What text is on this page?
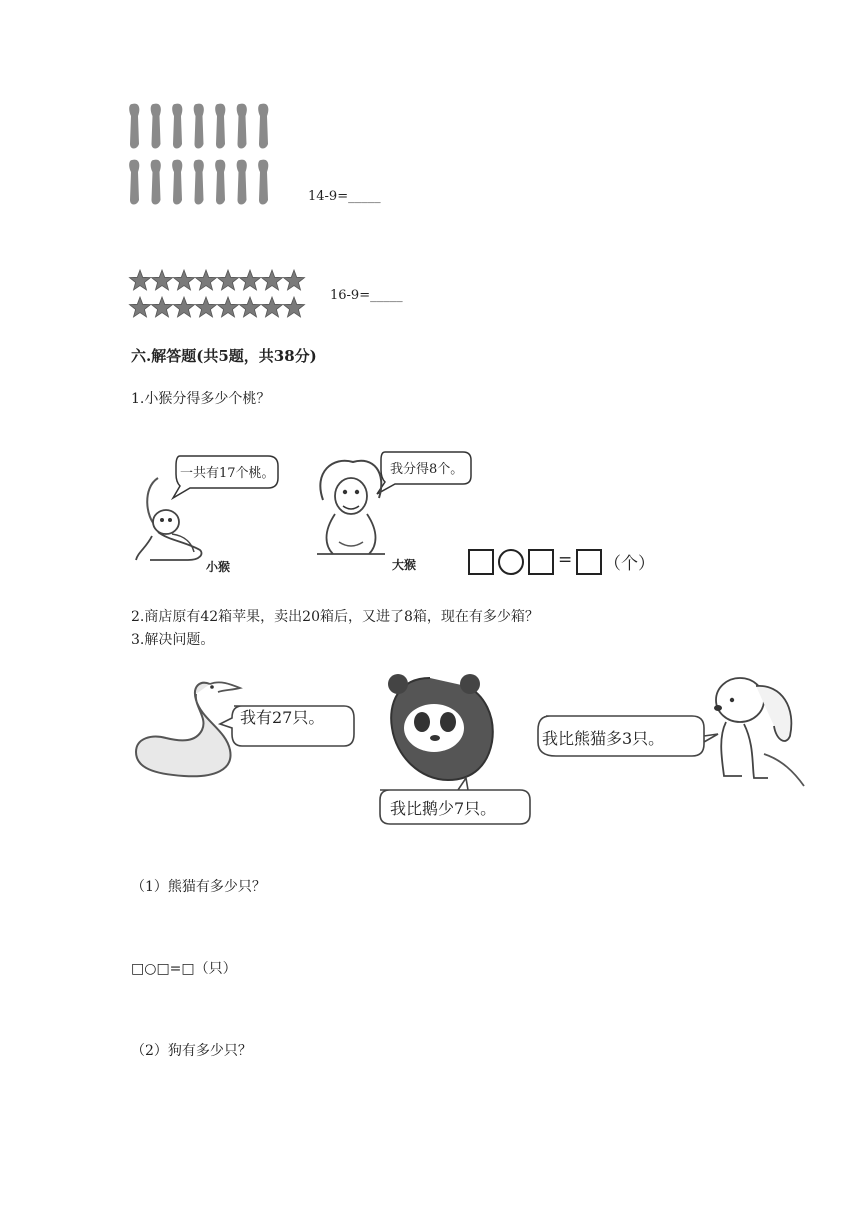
14-9=_____
16-9=_____
六.解答题(共5题，共38分)
1.小猴分得多少个桃？
一共有17个桃。
小猴
我分得8个。
大猴	= （个）
2.商店原有42箱苹果，卖出20箱后，又进了8箱，现在有多少箱？
3.解决问题。
我有27只。
我比鹅少7只。
我比熊猫多3只。
（1）熊猫有多少只？
□○□=□（只）
（2）狗有多少只？
